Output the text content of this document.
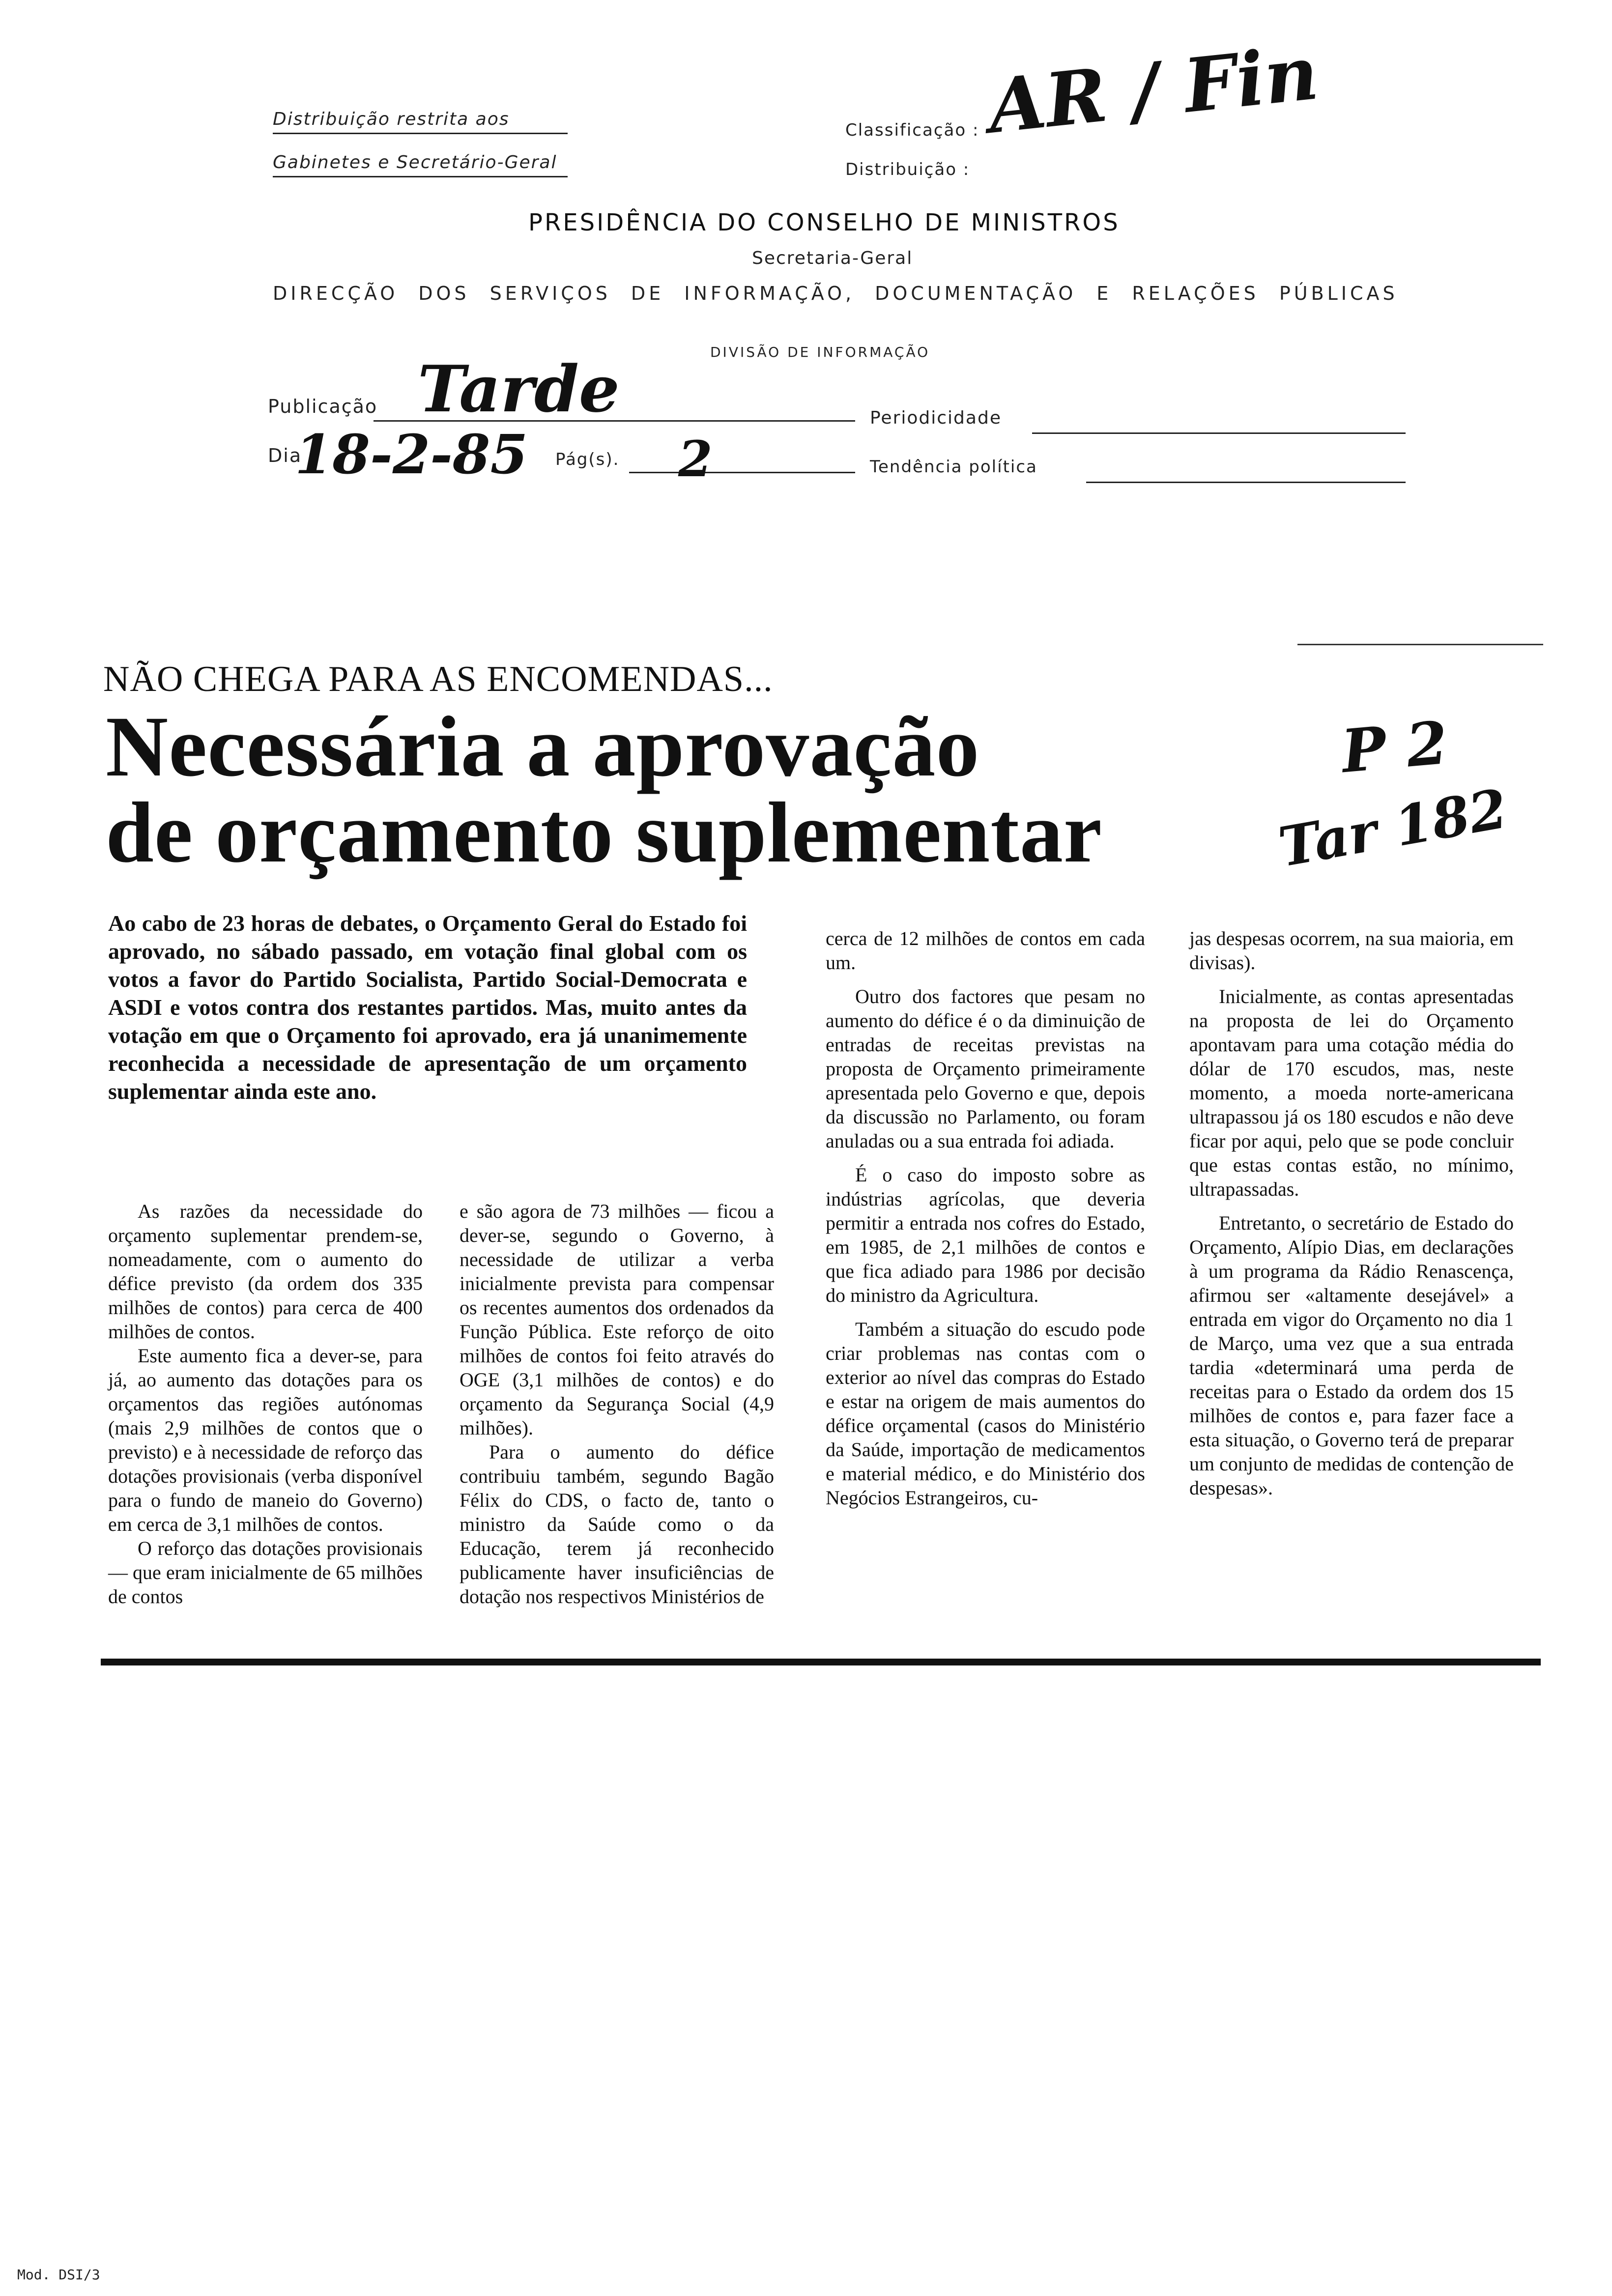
Distribuição restrita aos
Gabinetes e Secretário-Geral
Classificação :
Distribuição :
AR / Fin
PRESIDÊNCIA DO CONSELHO DE MINISTROS
Secretaria-Geral
DIRECÇÃO DOS SERVIÇOS DE INFORMAÇÃO, DOCUMENTAÇÃO E RELAÇÕES PÚBLICAS
DIVISÃO DE INFORMAÇÃO
Publicação Tarde	Periodicidade
Dia
18-2-85 Pág(s). 2	Tendência política
NÃO CHEGA PARA AS ENCOMENDAS...
Necessária a aprovação
de orçamento suplementar
P 2
Tar 182

Ao cabo de 23 horas de debates, o Orçamento Geral do Estado foi aprovado, no sábado passado, em votação final global com os votos a favor do Partido Socialista, Partido Social-Democrata e ASDI e votos contra dos restantes partidos. Mas, muito antes da votação em que o Orçamento foi aprovado, era já unanimemente reconhecida a necessidade de apresentação de um orçamento suplementar ainda este ano.

As razões da necessidade do orçamento suplementar prendem-se, nomeadamente, com o aumento do défice previsto (da ordem dos 335 milhões de contos) para cerca de 400 milhões de contos.

Este aumento fica a dever-se, para já, ao aumento das dotações para os orçamentos das regiões autónomas (mais 2,9 milhões de contos que o previsto) e à necessidade de reforço das dotações provisionais (verba disponível para o fundo de maneio do Governo) em cerca de 3,1 milhões de contos.

O reforço das dotações provisionais — que eram inicialmente de 65 milhões de contos

e são agora de 73 milhões — ficou a dever-se, segundo o Governo, à necessidade de utilizar a verba inicialmente prevista para compensar os recentes aumentos dos ordenados da Função Pública. Este reforço de oito milhões de contos foi feito através do OGE (3,1 milhões de contos) e do orçamento da Segurança Social (4,9 milhões).

Para o aumento do défice contribuiu também, segundo Bagão Félix do CDS, o facto de, tanto o ministro da Saúde como o da Educação, terem já reconhecido publicamente haver insuficiências de dotação nos respectivos Ministérios de

cerca de 12 milhões de contos em cada um.

Outro dos factores que pesam no aumento do défice é o da diminuição de entradas de receitas previstas na proposta de Orçamento primeiramente apresentada pelo Governo e que, depois da discussão no Parlamento, ou foram anuladas ou a sua entrada foi adiada.

É o caso do imposto sobre as indústrias agrícolas, que deveria permitir a entrada nos cofres do Estado, em 1985, de 2,1 milhões de contos e que fica adiado para 1986 por decisão do ministro da Agricultura.

Também a situação do escudo pode criar problemas nas contas com o exterior ao nível das compras do Estado e estar na origem de mais aumentos do défice orçamental (casos do Ministério da Saúde, importação de medicamentos e material médico, e do Ministério dos Negócios Estrangeiros, cu-

jas despesas ocorrem, na sua maioria, em divisas).

Inicialmente, as contas apresentadas na proposta de lei do Orçamento apontavam para uma cotação média do dólar de 170 escudos, mas, neste momento, a moeda norte-americana ultrapassou já os 180 escudos e não deve ficar por aqui, pelo que se pode concluir que estas contas estão, no mínimo, ultrapassadas.

Entretanto, o secretário de Estado do Orçamento, Alípio Dias, em declarações à um programa da Rádio Renascença, afirmou ser «altamente desejável» a entrada em vigor do Orçamento no dia 1 de Março, uma vez que a sua entrada tardia «determinará uma perda de receitas para o Estado da ordem dos 15 milhões de contos e, para fazer face a esta situação, o Governo terá de preparar um conjunto de medidas de contenção de despesas».

Mod. DSI/3
